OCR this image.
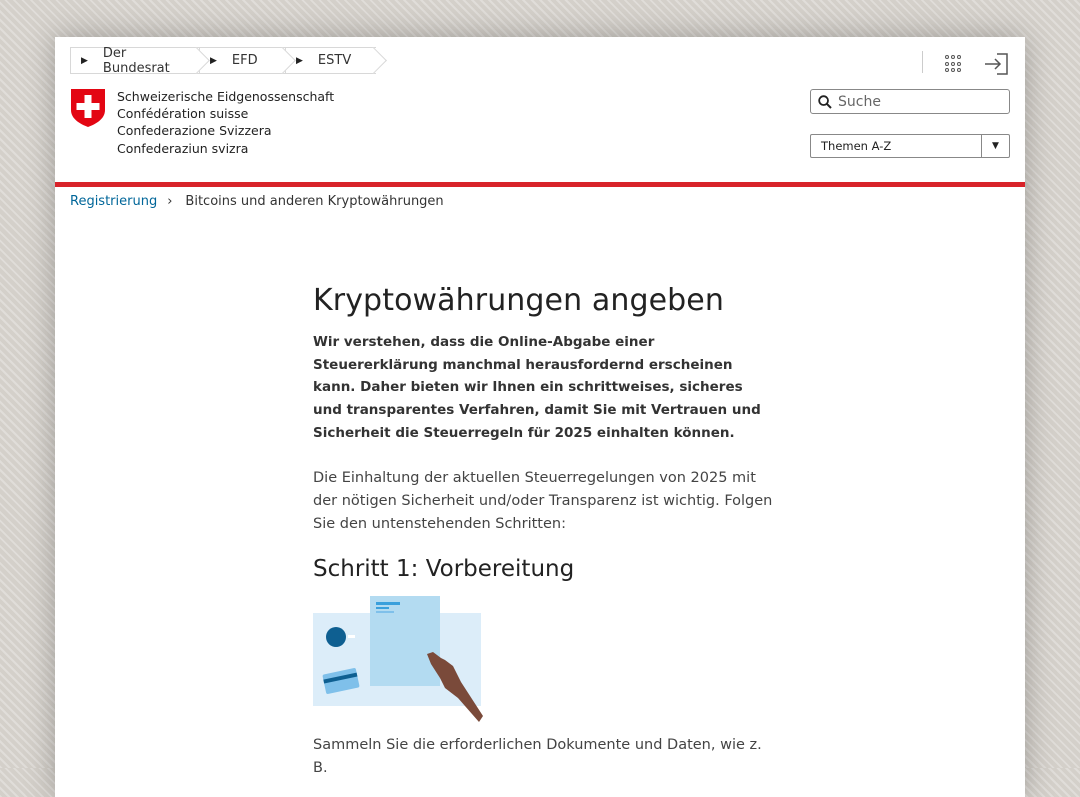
▶ Der Bundesrat	▶ EFD	▶ ESTV
Schweizerische Eidgenossenschaft
Confédération suisse
Confederazione Svizzera
Confederaziun svizra
Suche	Themen A-Z	▼
Registrierung › Bitcoins und anderen Kryptowährungen
Kryptowährungen angeben
Wir verstehen, dass die Online-Abgabe einer Steuererklärung manchmal herausfordernd erscheinen kann. Daher bieten wir Ihnen ein schrittweises, sicheres und transparentes Verfahren, damit Sie mit Vertrauen und Sicherheit die Steuerregeln für 2025 einhalten können.
Die Einhaltung der aktuellen Steuerregelungen von 2025 mit der nötigen Sicherheit und/oder Transparenz ist wichtig. Folgen Sie den untenstehenden Schritten:
Schritt 1: Vorbereitung
Sammeln Sie die erforderlichen Dokumente und Daten, wie z. B.
